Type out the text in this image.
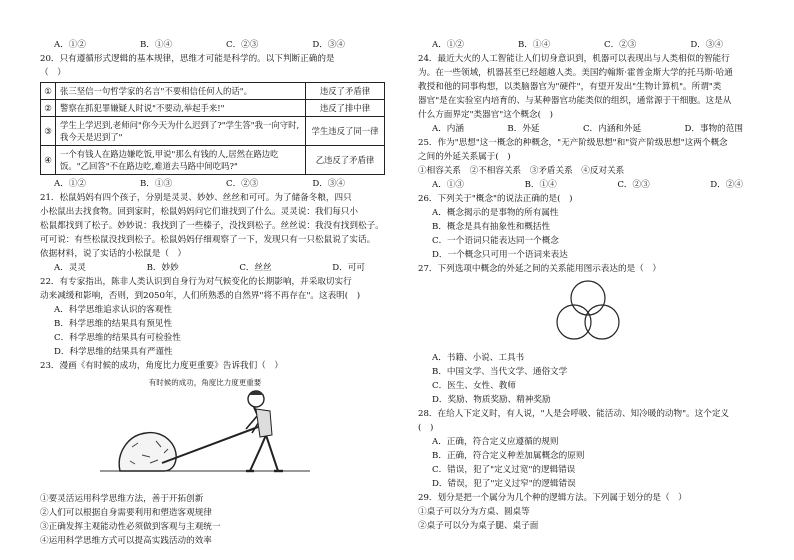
A．①②	B．①④	C．②③	D．③④
20．只有遵循形式逻辑的基本规律，思维才可能是科学的。以下判断正确的是
（　）
①	张三坚信一句哲学家的名言"不要相信任何人的话"。	违反了矛盾律
②	警察在抓犯罪嫌疑人时说"不要动,举起手来!"	违反了排中律
③	学生上学迟到,老师问"你今天为什么迟到了?"学生答"我一向守时,我今天是迟到了"	学生违反了同一律
④	一个有钱人在路边嫌吃饭,甲说"那么有钱的人,居然在路边吃饭。"乙回答"不在路边吃,难道去马路中间吃吗?"	乙违反了矛盾律
A．①②	B．①③	C．②③	D．③④
21．松鼠妈妈有四个孩子，分别是灵灵、妙妙、丝丝和可可。为了储备冬粮，四只
小松鼠出去找食物。回到家时，松鼠妈妈问它们谁找到了什么。灵灵说：我们每只小
松鼠都找到了松子。妙妙说：我找到了一些榛子，没找到松子。丝丝说：我没有找到松子。
可可说：有些松鼠没找到松子。松鼠妈妈仔细观察了一下，发现只有一只松鼠说了实话。
依据材料，说了实话的小松鼠是（　）
A．灵灵	B．妙妙	C．丝丝	D．可可
22．有专家指出，陈非人类认识到自身行为对气候变化的长期影响，并采取切实行
动来减缓和影响，否则，到2050年，人们所熟悉的自然界"将不再存在"。这表明(　)
A．科学思维追求认识的客观性
B．科学思维的结果具有预见性
C．科学思维的结果具有可检验性
D．科学思维的结果具有严谨性
23．漫画《有时候的成功，角度比力度更重要》告诉我们（　）
有时候的成功，角度比力度更重要
①要灵活运用科学思维方法，善于开拓创新
②人们可以根据自身需要利用和塑造客观规律
③正确发挥主观能动性必须做到客观与主观统一
④运用科学思维方式可以提高实践活动的效率
A．①②	B．①④	C．②③	D．③④
24．最近大火的人工智能让人们切身意识到，机器可以表现出与人类相似的智能行
为。在一些领域，机器甚至已经超越人类。美国约翰斯·霍普金斯大学的托马斯·哈通
教授和他的同事构想，以类脑器官为"硬件"，有望开发出"生物计算机"。所谓"类
器官"是在实验室内培育的、与某种器官功能类似的组织，通常源于干细胞。这是从
什么方面界定"类器官"这个概念(　)
A．内涵	B．外延	C．内涵和外延	D．事物的范围
25．作为"思想"这一概念的种概念，"无产阶级思想"和"资产阶级思想"这两个概念
之间的外延关系属于(　)
①相容关系　②不相容关系　③矛盾关系　④反对关系
A．①③	B．①④	C．②③	D．②④
26．下列关于"概念"的说法正确的是(　)
A．概念揭示的是事物的所有属性
B．概念是具有抽象性和概括性
C．一个语词只能表达同一个概念
D．一个概念只可用一个语词来表达
27．下列选项中概念的外延之间的关系能用图示表达的是（　）
A．书籍、小说、工具书
B．中国文学、当代文学、通俗文学
C．医生、女性、教师
D．奖励、物质奖励、精神奖励
28．在给人下定义时，有人说，"人是会呼吸、能活动、知冷暖的动物"。这个定义
(　)
A．正确，符合定义应遵循的规则
B．正确，符合定义种差加属概念的原则
C．错误，犯了"定义过宽"的逻辑错误
D．错误，犯了"定义过窄"的逻辑错误
29．划分是把一个属分为几个种的逻辑方法。下列属于划分的是（　）
①桌子可以分为方桌、圆桌等
②桌子可以分为桌子腿、桌子面
